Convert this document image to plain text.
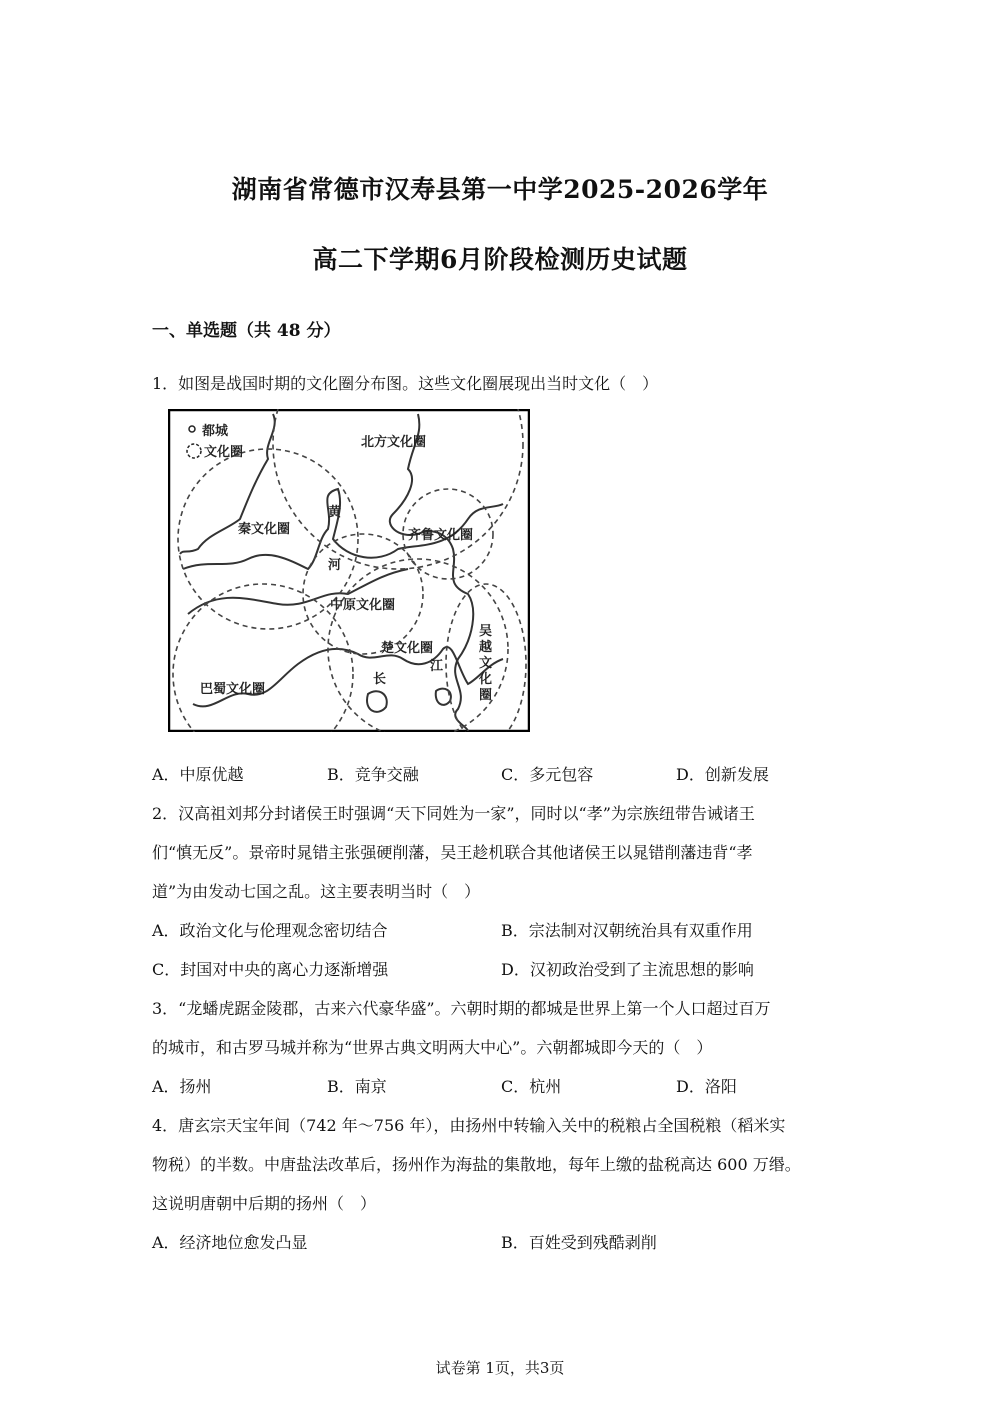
湖南省常德市汉寿县第一中学2025-2026学年
高二下学期6月阶段检测历史试题
一、单选题（共 48 分）
1．如图是战国时期的文化圈分布图。这些文化圈展现出当时文化（　）
都城
文化圈
北方文化圈
秦文化圈	齐鲁文化圈
中原文化圈
楚文化圈
巴蜀文化圈
黄
河
江
长
吴
越
文
化
圈
A．中原优越	B．竞争交融	C．多元包容	D．创新发展
2．汉高祖刘邦分封诸侯王时强调“天下同姓为一家”，同时以“孝”为宗族纽带告诫诸王
们“慎无反”。景帝时晁错主张强硬削藩，吴王趁机联合其他诸侯王以晁错削藩违背“孝
道”为由发动七国之乱。这主要表明当时（　）
A．政治文化与伦理观念密切结合	B．宗法制对汉朝统治具有双重作用
C．封国对中央的离心力逐渐增强	D．汉初政治受到了主流思想的影响
3．“龙蟠虎踞金陵郡，古来六代豪华盛”。六朝时期的都城是世界上第一个人口超过百万
的城市，和古罗马城并称为“世界古典文明两大中心”。六朝都城即今天的（　）
A．扬州	B．南京	C．杭州	D．洛阳
4．唐玄宗天宝年间（742 年～756 年），由扬州中转输入关中的税粮占全国税粮（稻米实
物税）的半数。中唐盐法改革后，扬州作为海盐的集散地，每年上缴的盐税高达 600 万缗。
这说明唐朝中后期的扬州（　）
A．经济地位愈发凸显	B．百姓受到残酷剥削
试卷第 1页，共3页
